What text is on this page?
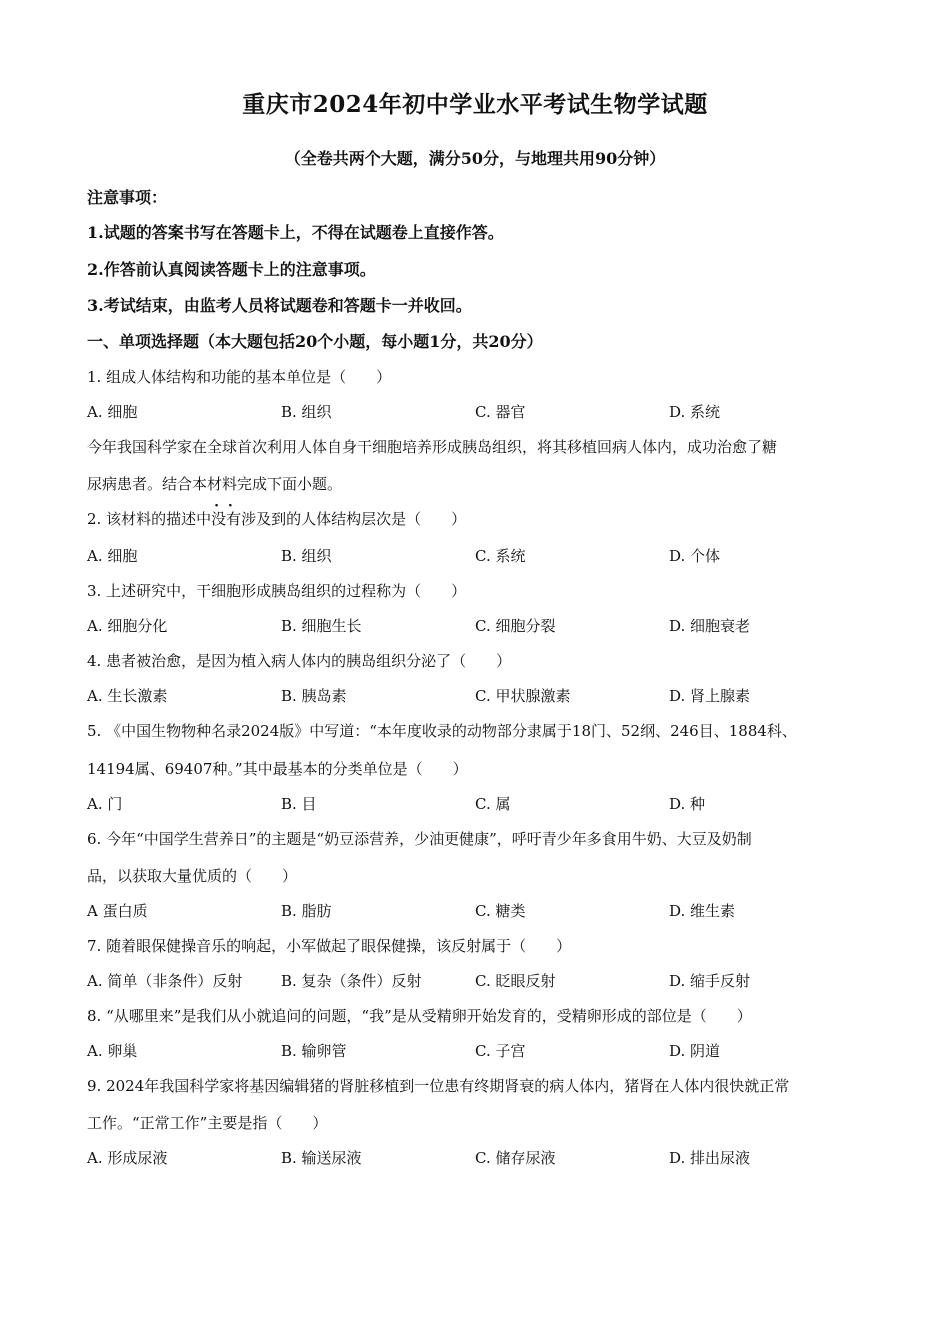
重庆市2024年初中学业水平考试生物学试题
（全卷共两个大题，满分50分，与地理共用90分钟）
注意事项：
1.试题的答案书写在答题卡上，不得在试题卷上直接作答。
2.作答前认真阅读答题卡上的注意事项。
3.考试结束，由监考人员将试题卷和答题卡一并收回。
一、单项选择题（本大题包括20个小题，每小题1分，共20分）
1. 组成人体结构和功能的基本单位是（　　）
A. 细胞	B. 组织	C. 器官	D. 系统
今年我国科学家在全球首次利用人体自身干细胞培养形成胰岛组织，将其移植回病人体内，成功治愈了糖
尿病患者。结合本材料完成下面小题。
2. 该材料的描述中· · 没有涉及到的人体结构层次是（　　）
A. 细胞	B. 组织	C. 系统	D. 个体
3. 上述研究中，干细胞形成胰岛组织的过程称为（　　）
A. 细胞分化	B. 细胞生长	C. 细胞分裂	D. 细胞衰老
4. 患者被治愈，是因为植入病人体内的胰岛组织分泌了（　　）
A. 生长激素	B. 胰岛素	C. 甲状腺激素	D. 肾上腺素
5. 《中国生物物种名录2024版》中写道：“本年度收录的动物部分隶属于18门、52纲、246目、1884科、
14194属、69407种。”其中最基本的分类单位是（　　）
A. 门	B. 目	C. 属	D. 种
6. 今年“中国学生营养日”的主题是“奶豆添营养，少油更健康”，呼吁青少年多食用牛奶、大豆及奶制
品，以获取大量优质的（　　）
A 蛋白质	B. 脂肪	C. 糖类	D. 维生素
7. 随着眼保健操音乐的响起，小军做起了眼保健操，该反射属于（　　）
A. 简单（非条件）反射	B. 复杂（条件）反射	C. 眨眼反射	D. 缩手反射
8. “从哪里来”是我们从小就追问的问题，“我”是从受精卵开始发育的，受精卵形成的部位是（　　）
A. 卵巢	B. 输卵管	C. 子宫	D. 阴道
9. 2024年我国科学家将基因编辑猪的肾脏移植到一位患有终期肾衰的病人体内，猪肾在人体内很快就正常
工作。“正常工作”主要是指（　　）
A. 形成尿液	B. 输送尿液	C. 储存尿液	D. 排出尿液
